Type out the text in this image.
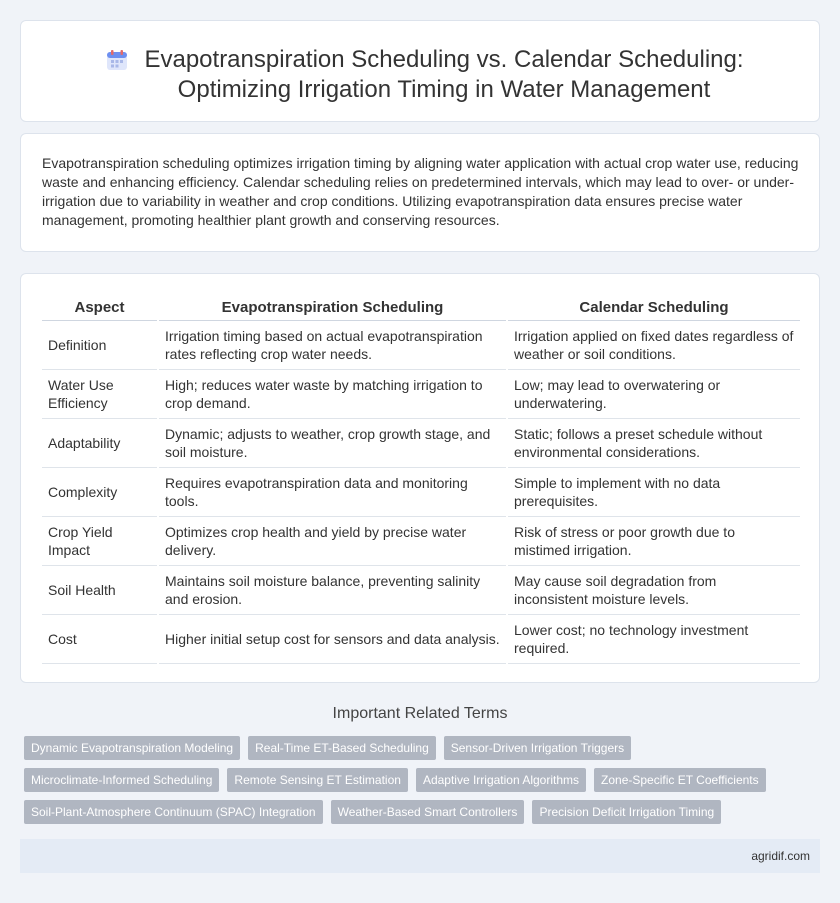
Evapotranspiration Scheduling vs. Calendar Scheduling:
Optimizing Irrigation Timing in Water Management

Evapotranspiration scheduling optimizes irrigation timing by aligning water application with actual crop water use, reducing waste and enhancing efficiency. Calendar scheduling relies on predetermined intervals, which may lead to over- or under-irrigation due to variability in weather and crop conditions. Utilizing evapotranspiration data ensures precise water management, promoting healthier plant growth and conserving resources.

Aspect	Evapotranspiration Scheduling	Calendar Scheduling
Definition	Irrigation timing based on actual evapotranspiration rates reflecting crop water needs.	Irrigation applied on fixed dates regardless of weather or soil conditions.
Water Use Efficiency	High; reduces water waste by matching irrigation to crop demand.	Low; may lead to overwatering or underwatering.
Adaptability	Dynamic; adjusts to weather, crop growth stage, and soil moisture.	Static; follows a preset schedule without environmental considerations.
Complexity	Requires evapotranspiration data and monitoring tools.	Simple to implement with no data prerequisites.
Crop Yield Impact	Optimizes crop health and yield by precise water delivery.	Risk of stress or poor growth due to mistimed irrigation.
Soil Health	Maintains soil moisture balance, preventing salinity and erosion.	May cause soil degradation from inconsistent moisture levels.
Cost	Higher initial setup cost for sensors and data analysis.	Lower cost; no technology investment required.
Important Related Terms
Dynamic Evapotranspiration Modeling	Real-Time ET-Based Scheduling	Sensor-Driven Irrigation Triggers
Microclimate-Informed Scheduling	Remote Sensing ET Estimation	Adaptive Irrigation Algorithms	Zone-Specific ET Coefficients
Soil-Plant-Atmosphere Continuum (SPAC) Integration	Weather-Based Smart Controllers	Precision Deficit Irrigation Timing
agridif.com
